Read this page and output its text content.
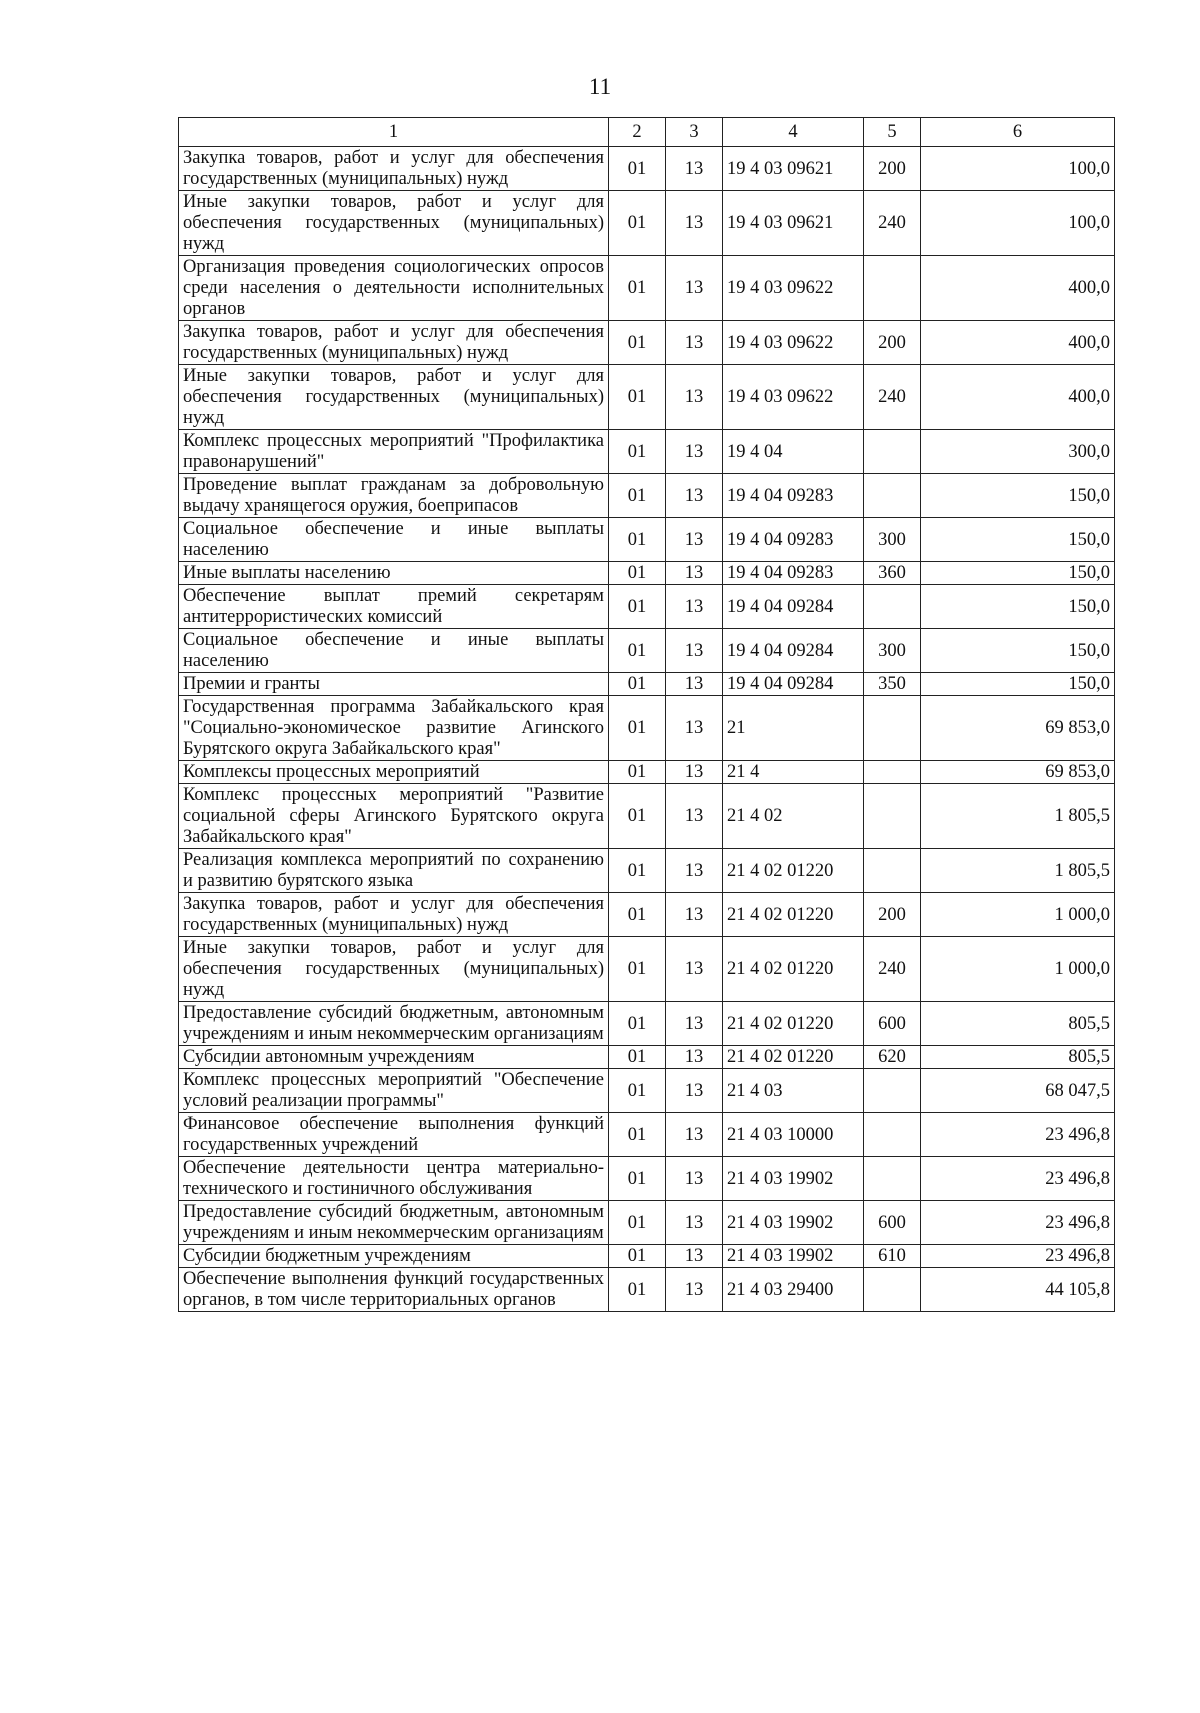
11
1	2	3	4	5	6
Закупка товаров, работ и услуг для обеспечения государственных (муниципальных) нужд	01	13	19 4 03 09621	200	100,0
Иные закупки товаров, работ и услуг для обеспечения государственных (муниципальных) нужд	01	13	19 4 03 09621	240	100,0
Организация проведения социологических опросов среди населения о деятельности исполнительных органов	01	13	19 4 03 09622		400,0
Закупка товаров, работ и услуг для обеспечения государственных (муниципальных) нужд	01	13	19 4 03 09622	200	400,0
Иные закупки товаров, работ и услуг для обеспечения государственных (муниципальных) нужд	01	13	19 4 03 09622	240	400,0
Комплекс процессных мероприятий "Профилактика правонарушений"	01	13	19 4 04		300,0
Проведение выплат гражданам за добровольную выдачу хранящегося оружия, боеприпасов	01	13	19 4 04 09283		150,0
Социальное обеспечение и иные выплаты населению	01	13	19 4 04 09283	300	150,0
Иные выплаты населению	01	13	19 4 04 09283	360	150,0
Обеспечение выплат премий секретарям антитеррористических комиссий	01	13	19 4 04 09284		150,0
Социальное обеспечение и иные выплаты населению	01	13	19 4 04 09284	300	150,0
Премии и гранты	01	13	19 4 04 09284	350	150,0
Государственная программа Забайкальского края "Социально-экономическое развитие Агинского Бурятского округа Забайкальского края"	01	13	21		69 853,0
Комплексы процессных мероприятий	01	13	21 4		69 853,0
Комплекс процессных мероприятий "Развитие социальной сферы Агинского Бурятского округа Забайкальского края"	01	13	21 4 02		1 805,5
Реализация комплекса мероприятий по сохранению и развитию бурятского языка	01	13	21 4 02 01220		1 805,5
Закупка товаров, работ и услуг для обеспечения государственных (муниципальных) нужд	01	13	21 4 02 01220	200	1 000,0
Иные закупки товаров, работ и услуг для обеспечения государственных (муниципальных) нужд	01	13	21 4 02 01220	240	1 000,0
Предоставление субсидий бюджетным, автономным учреждениям и иным некоммерческим организациям	01	13	21 4 02 01220	600	805,5
Субсидии автономным учреждениям	01	13	21 4 02 01220	620	805,5
Комплекс процессных мероприятий "Обеспечение условий реализации программы"	01	13	21 4 03		68 047,5
Финансовое обеспечение выполнения функций государственных учреждений	01	13	21 4 03 10000		23 496,8
Обеспечение деятельности центра материально-технического и гостиничного обслуживания	01	13	21 4 03 19902		23 496,8
Предоставление субсидий бюджетным, автономным учреждениям и иным некоммерческим организациям	01	13	21 4 03 19902	600	23 496,8
Субсидии бюджетным учреждениям	01	13	21 4 03 19902	610	23 496,8
Обеспечение выполнения функций государственных органов, в том числе территориальных органов	01	13	21 4 03 29400		44 105,8
